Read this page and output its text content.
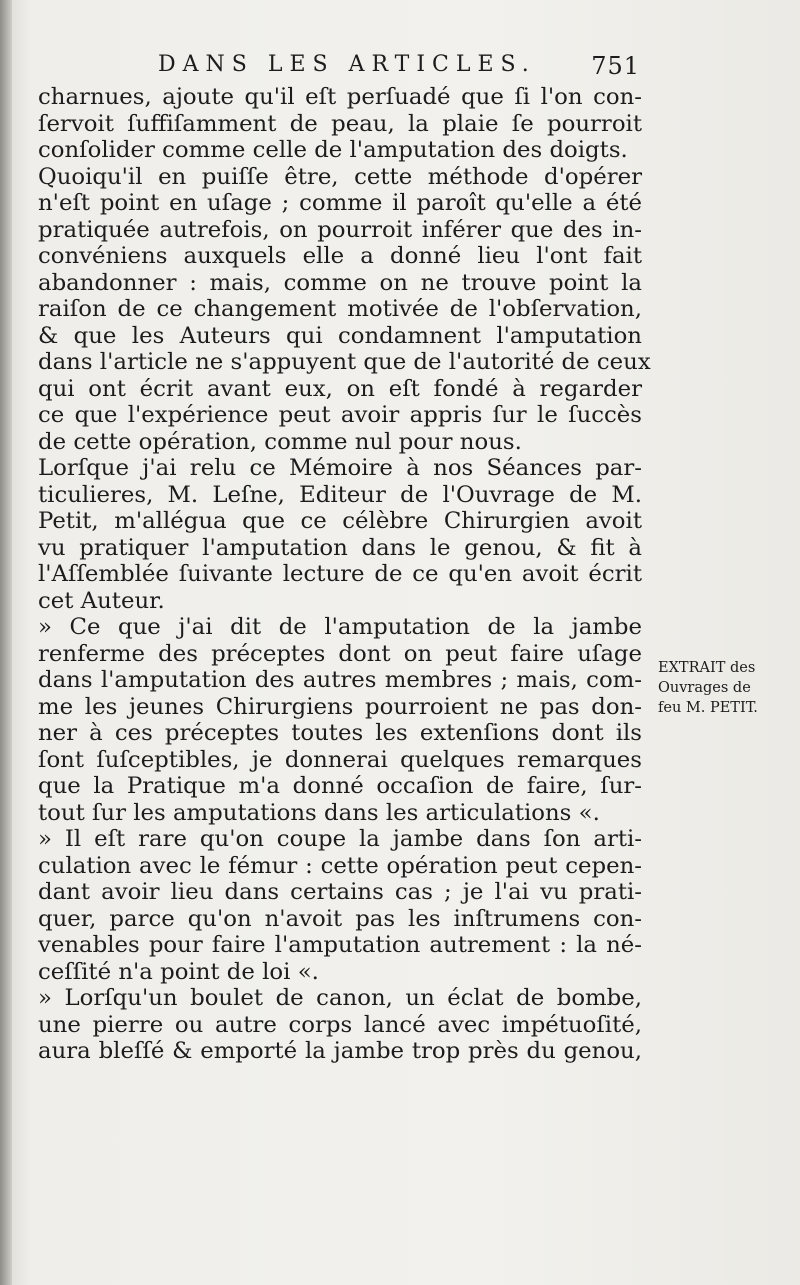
DANS LES ARTICLES. 751
charnues, ajoute qu'il eſt perſuadé que ſi l'on con-
ſervoit ſuffiſamment de peau, la plaie ſe pourroit
conſolider comme celle de l'amputation des doigts.
Quoiqu'il en puiſſe être, cette méthode d'opérer
n'eſt point en uſage ; comme il paroît qu'elle a été
pratiquée autrefois, on pourroit inférer que des in-
convéniens auxquels elle a donné lieu l'ont fait
abandonner : mais, comme on ne trouve point la
raiſon de ce changement motivée de l'obſervation,
& que les Auteurs qui condamnent l'amputation
dans l'article ne s'appuyent que de l'autorité de ceux
qui ont écrit avant eux, on eſt fondé à regarder
ce que l'expérience peut avoir appris ſur le ſuccès
de cette opération, comme nul pour nous.
Lorſque j'ai relu ce Mémoire à nos Séances par-
ticulieres, M. Leſne, Editeur de l'Ouvrage de M.
Petit, m'allégua que ce célèbre Chirurgien avoit
vu pratiquer l'amputation dans le genou, & fit à
l'Aſſemblée ſuivante lecture de ce qu'en avoit écrit
cet Auteur.
» Ce que j'ai dit de l'amputation de la jambe
renferme des préceptes dont on peut faire uſage
dans l'amputation des autres membres ; mais, com-
me les jeunes Chirurgiens pourroient ne pas don-
ner à ces préceptes toutes les extenſions dont ils
ſont ſuſceptibles, je donnerai quelques remarques
que la Pratique m'a donné occaſion de faire, ſur-
tout ſur les amputations dans les articulations «.
» Il eſt rare qu'on coupe la jambe dans ſon arti-
culation avec le fémur : cette opération peut cepen-
dant avoir lieu dans certains cas ; je l'ai vu prati-
quer, parce qu'on n'avoit pas les inſtrumens con-
venables pour faire l'amputation autrement : la né-
ceſſité n'a point de loi «.
» Lorſqu'un boulet de canon, un éclat de bombe,
une pierre ou autre corps lancé avec impétuoſité,
aura bleſſé & emporté la jambe trop près du genou,
EXTRAIT des
Ouvrages de
feu M. PETIT.
